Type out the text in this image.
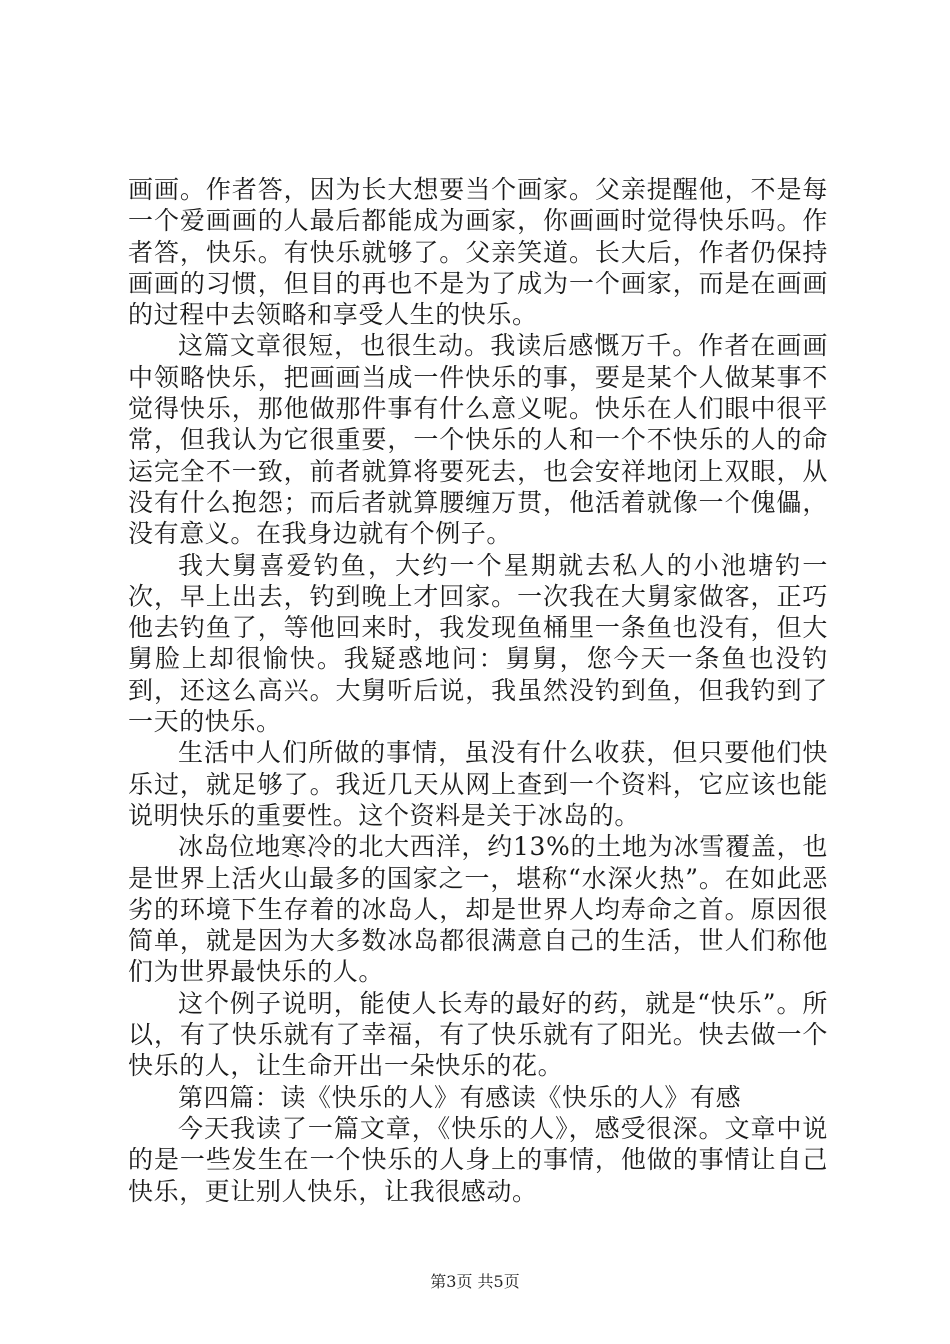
画画。作者答，因为长大想要当个画家。父亲提醒他，不是每一个爱画画的人最后都能成为画家，你画画时觉得快乐吗。作者答，快乐。有快乐就够了。父亲笑道。长大后，作者仍保持画画的习惯，但目的再也不是为了成为一个画家，而是在画画的过程中去领略和享受人生的快乐。

这篇文章很短，也很生动。我读后感慨万千。作者在画画中领略快乐，把画画当成一件快乐的事，要是某个人做某事不觉得快乐，那他做那件事有什么意义呢。快乐在人们眼中很平常，但我认为它很重要，一个快乐的人和一个不快乐的人的命运完全不一致，前者就算将要死去，也会安祥地闭上双眼，从没有什么抱怨；而后者就算腰缠万贯，他活着就像一个傀儡，没有意义。在我身边就有个例子。

我大舅喜爱钓鱼，大约一个星期就去私人的小池塘钓一次，早上出去，钓到晚上才回家。一次我在大舅家做客，正巧他去钓鱼了，等他回来时，我发现鱼桶里一条鱼也没有，但大舅脸上却很愉快。我疑惑地问：舅舅，您今天一条鱼也没钓到，还这么高兴。大舅听后说，我虽然没钓到鱼，但我钓到了一天的快乐。

生活中人们所做的事情，虽没有什么收获，但只要他们快乐过，就足够了。我近几天从网上查到一个资料，它应该也能说明快乐的重要性。这个资料是关于冰岛的。

冰岛位地寒冷的北大西洋，约13%的土地为冰雪覆盖，也是世界上活火山最多的国家之一，堪称“水深火热”。在如此恶劣的环境下生存着的冰岛人，却是世界人均寿命之首。原因很简单，就是因为大多数冰岛都很满意自己的生活，世人们称他们为世界最快乐的人。

这个例子说明，能使人长寿的最好的药，就是“快乐”。所以，有了快乐就有了幸福，有了快乐就有了阳光。快去做一个快乐的人，让生命开出一朵快乐的花。

第四篇：读《快乐的人》有感读《快乐的人》有感

今天我读了一篇文章，《快乐的人》，感受很深。文章中说的是一些发生在一个快乐的人身上的事情，他做的事情让自己快乐，更让别人快乐，让我很感动。

第3页 共5页
